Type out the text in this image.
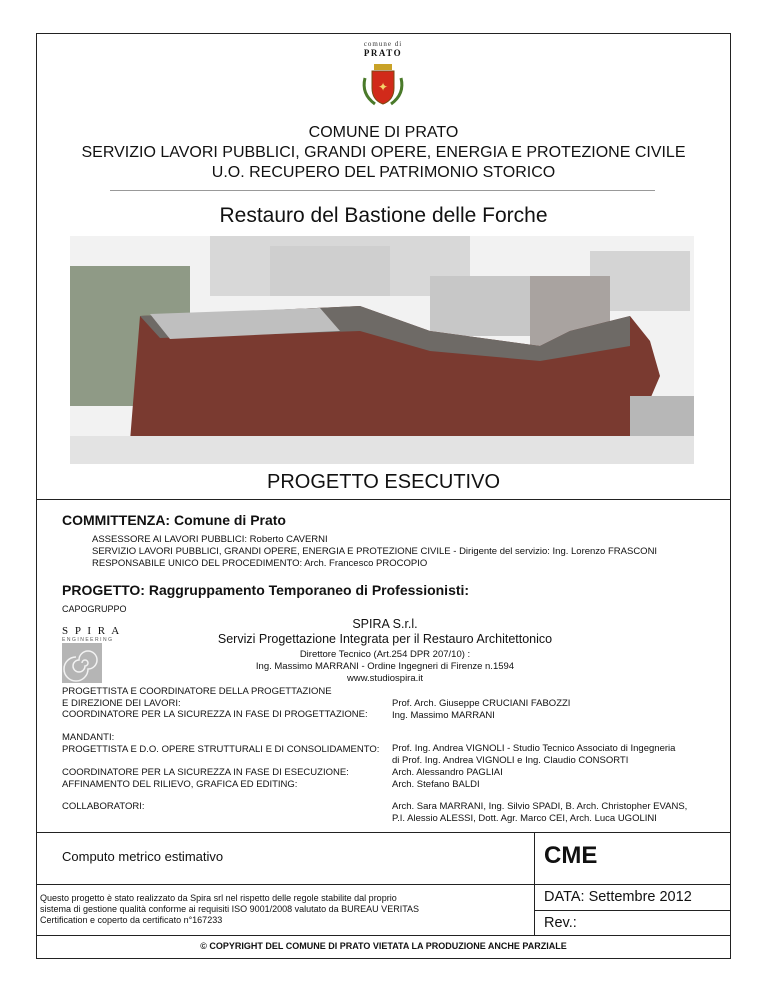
comune di
PRATO
✦
COMUNE DI PRATO
SERVIZIO LAVORI PUBBLICI, GRANDI OPERE, ENERGIA E PROTEZIONE CIVILE
U.O. RECUPERO DEL PATRIMONIO STORICO
Restauro del Bastione delle Forche
PROGETTO ESECUTIVO
COMMITTENZA: Comune di Prato
ASSESSORE AI LAVORI PUBBLICI: Roberto CAVERNI
SERVIZIO LAVORI PUBBLICI, GRANDI OPERE, ENERGIA E PROTEZIONE CIVILE - Dirigente del servizio: Ing. Lorenzo FRASCONI
RESPONSABILE UNICO DEL PROCEDIMENTO: Arch. Francesco PROCOPIO
PROGETTO: Raggruppamento Temporaneo di Professionisti:
CAPOGRUPPO
S P I R A
ENGINEERING
SPIRA S.r.l.
Servizi Progettazione Integrata per il Restauro Architettonico
Direttore Tecnico (Art.254 DPR 207/10) :
Ing. Massimo MARRANI - Ordine Ingegneri di Firenze n.1594
www.studiospira.it
PROGETTISTA E COORDINATORE DELLA PROGETTAZIONE
E DIREZIONE DEI LAVORI:
COORDINATORE PER LA SICUREZZA IN FASE DI PROGETTAZIONE:
Prof. Arch. Giuseppe CRUCIANI FABOZZI
Ing. Massimo MARRANI
MANDANTI:
PROGETTISTA E D.O. OPERE STRUTTURALI E DI CONSOLIDAMENTO: Prof. Ing. Andrea VIGNOLI - Studio Tecnico Associato di Ingegneria
di Prof. Ing. Andrea VIGNOLI e Ing. Claudio CONSORTI
COORDINATORE PER LA SICUREZZA IN FASE DI ESECUZIONE:
AFFINAMENTO DEL RILIEVO, GRAFICA ED EDITING:
Arch. Alessandro PAGLIAI
Arch. Stefano BALDI
COLLABORATORI:	Arch. Sara MARRANI, Ing. Silvio SPADI, B. Arch. Christopher EVANS,
P.I. Alessio ALESSI, Dott. Agr. Marco CEI, Arch. Luca UGOLINI
Computo metrico estimativo	CME
Questo progetto è stato realizzato da Spira srl nel rispetto delle regole stabilite dal proprio
sistema di gestione qualità conforme ai requisiti ISO 9001/2008 valutato da BUREAU VERITAS
Certification e coperto da certificato n°167233
DATA: Settembre 2012
Rev.:
© COPYRIGHT DEL COMUNE DI PRATO VIETATA LA PRODUZIONE ANCHE PARZIALE
